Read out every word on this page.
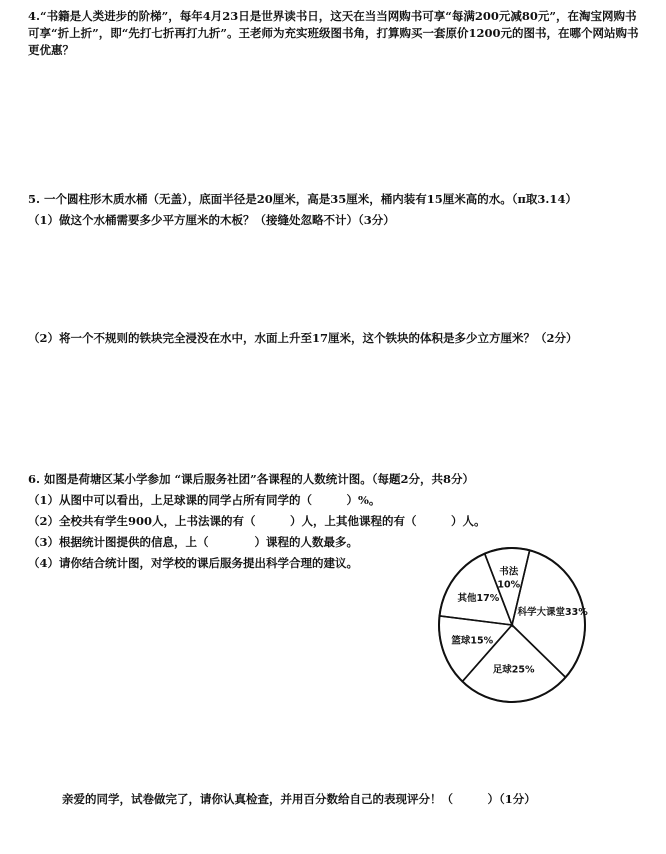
4.“书籍是人类进步的阶梯”，每年4月23日是世界读书日，这天在当当网购书可享“每满200元减80元”，在淘宝网购书可享“折上折”，即“先打七折再打九折”。王老师为充实班级图书角，打算购买一套原价1200元的图书，在哪个网站购书更优惠？
5. 一个圆柱形木质水桶（无盖），底面半径是20厘米，高是35厘米，桶内装有15厘米高的水。（π取3.14）
（1）做这个水桶需要多少平方厘米的木板？（接缝处忽略不计）（3分）
（2）将一个不规则的铁块完全浸没在水中，水面上升至17厘米，这个铁块的体积是多少立方厘米？（2分）
6. 如图是荷塘区某小学参加 “课后服务社团”各课程的人数统计图。（每题2分，共8分）
（1）从图中可以看出，上足球课的同学占所有同学的（　　　）%。
（2）全校共有学生900人，上书法课的有（　　　）人，上其他课程的有（　　　）人。
（3）根据统计图提供的信息，上（　　　　）课程的人数最多。
（4）请你结合统计图，对学校的课后服务提出科学合理的建议。
书法
10%
科学大课堂33%
足球25%
篮球15%
其他17%
亲爱的同学，试卷做完了，请你认真检查，并用百分数给自己的表现评分！（　　　）（1分）
